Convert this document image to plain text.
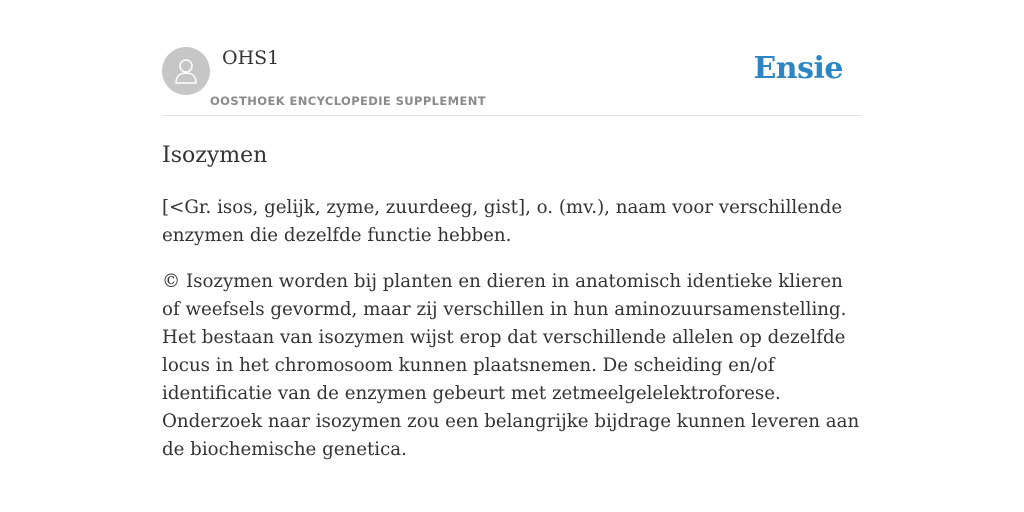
OHS1
OOSTHOEK ENCYCLOPEDIE SUPPLEMENT
Ensie
Isozymen

[<Gr. isos, gelijk, zyme, zuurdeeg, gist], o. (mv.), naam voor verschillende enzymen die dezelfde functie hebben.

© Isozymen worden bij planten en dieren in anatomisch identieke klieren of weefsels gevormd, maar zij verschillen in hun aminozuursamenstelling. Het bestaan van isozymen wijst erop dat verschillende allelen op dezelfde locus in het chromosoom kunnen plaatsnemen. De scheiding en/of identificatie van de enzymen gebeurt met zetmeelgelelektroforese. Onderzoek naar isozymen zou een belangrijke bijdrage kunnen leveren aan de biochemische genetica.
